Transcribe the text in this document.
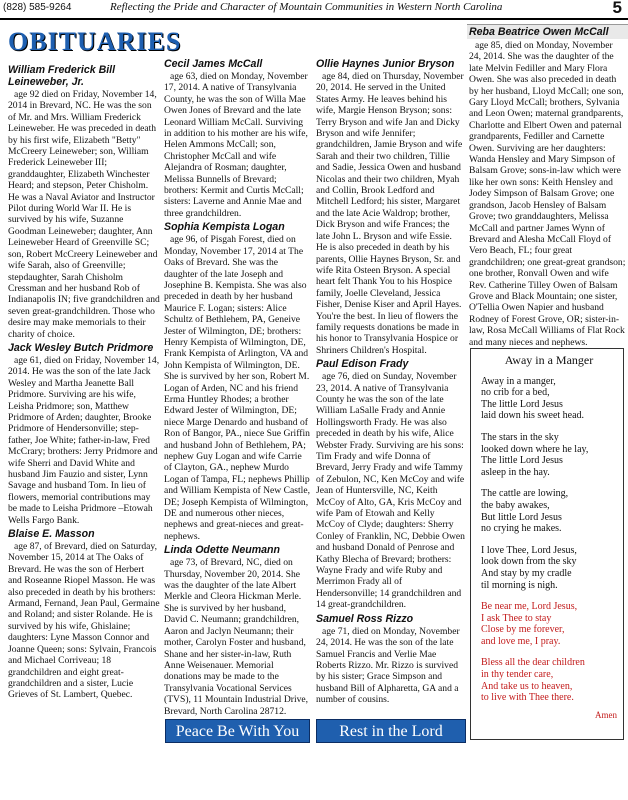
(828) 585-9264	Reflecting the Pride and Character of Mountain Communities in Western North Carolina	5
OBITUARIES
William Frederick Bill Leineweber, Jr.
age 92 died on Friday, November 14, 2014 in Brevard, NC. He was the son of Mr. and Mrs. William Frederick Leineweber. He was preceded in death by his first wife, Elizabeth "Betty" McCreery Leineweber; son, William Frederick Leineweber III; granddaughter, Elizabeth Winchester Heard; and stepson, Peter Chisholm. He was a Naval Aviator and Instructor Pilot during World War II. He is survived by his wife, Suzanne Goodman Leineweber; daughter, Ann Leineweber Heard of Greenville SC; son, Robert McCreery Leineweber and wife Sarah, also of Greenville; stepdaughter, Sarah Chisholm Cressman and her husband Rob of Indianapolis IN; five grandchildren and seven great-grandchildren. Those who desire may make memorials to their charity of choice.
Jack Wesley Butch Pridmore
age 61, died on Friday, November 14, 2014. He was the son of the late Jack Wesley and Martha Jeanette Ball Pridmore. Surviving are his wife, Leisha Pridmore; son, Matthew Pridmore of Arden; daughter, Brooke Pridmore of Hendersonville; step-father, Joe White; father-in-law, Fred McCrary; brothers: Jerry Pridmore and wife Sherri and David White and husband Jim Fauzio and sister, Lynn Savage and husband Tom. In lieu of flowers, memorial contributions may be made to Leisha Pridmore –Etowah Wells Fargo Bank.
Blaise E. Masson
age 87, of Brevard, died on Saturday, November 15, 2014 at The Oaks of Brevard. He was the son of Herbert and Roseanne Riopel Masson. He was also preceded in death by his brothers: Armand, Fernand, Jean Paul, Germaine and Roland; and sister Rolande. He is survived by his wife, Ghislaine; daughters: Lyne Masson Connor and Joanne Queen; sons: Sylvain, Francois and Michael Corriveau; 18 grandchildren and eight great-grandchildren and a sister, Lucie Grieves of St. Lambert, Quebec.
Cecil James McCall
age 63, died on Monday, November 17, 2014. A native of Transylvania County, he was the son of Willa Mae Owen Jones of Brevard and the late Leonard William McCall. Surviving in addition to his mother are his wife, Helen Ammons McCall; son, Christopher McCall and wife Alejandra of Rosman; daughter, Melissa Bunnells of Brevard; brothers: Kermit and Curtis McCall; sisters: Laverne and Annie Mae and three grandchildren.
Sophia Kempista Logan
age 96, of Pisgah Forest, died on Monday, November 17, 2014 at The Oaks of Brevard. She was the daughter of the late Joseph and Josephine B. Kempista. She was also preceded in death by her husband Maurice F. Logan; sisters: Alice Schultz of Bethlehem, PA, Geneive Jester of Wilmington, DE; brothers: Henry Kempista of Wilmington, DE, Frank Kempista of Arlington, VA and John Kempista of Wilmington, DE. She is survived by her son, Robert M. Logan of Arden, NC and his friend Erma Huntley Rhodes; a brother Edward Jester of Wilmington, DE; niece Marge Denardo and husband of Ron of Bangor, PA., niece Sue Griffin and husband John of Bethlehem, PA; nephew Guy Logan and wife Carrie of Clayton, GA., nephew Murdo Logan of Tampa, FL; nephews Phillip and William Kempista of New Castle, DE; Joseph Kempista of Wilmington, DE and numerous other nieces, nephews and great-nieces and great-nephews.
Linda Odette Neumann
age 73, of Brevard, NC, died on Thursday, November 20, 2014. She was the daughter of the late Albert Merkle and Cleora Hickman Merle. She is survived by her husband, David C. Neumann; grandchildren, Aaron and Jaclyn Neumann; their mother, Carolyn Foster and husband, Shane and her sister-in-law, Ruth Anne Weisenauer. Memorial donations may be made to the Transylvania Vocational Services (TVS), 11 Mountain Industrial Drive, Brevard, North Carolina 28712.
Ollie Haynes Junior Bryson
age 84, died on Thursday, November 20, 2014. He served in the United States Army. He leaves behind his wife, Margie Henson Bryson; sons: Terry Bryson and wife Jan and Dicky Bryson and wife Jennifer; grandchildren, Jamie Bryson and wife Sarah and their two children, Tillie and Sadie, Jessica Owen and husband Nicolas and their two children, Myah and Collin, Brook Ledford and Mitchell Ledford; his sister, Margaret and the late Acie Waldrop; brother, Dick Bryson and wife Frances; the late John L. Bryson and wife Essie. He is also preceded in death by his parents, Ollie Haynes Bryson, Sr. and wife Rita Osteen Bryson. A special heart felt Thank You to his Hospice family, Joelle Cleveland, Jessica Fisher, Denise Kiser and April Hayes. You're the best. In lieu of flowers the family requests donations be made in his honor to Transylvania Hospice or Shriners Children's Hospital.
Paul Edison Frady
age 76, died on Sunday, November 23, 2014. A native of Transylvania County he was the son of the late William LaSalle Frady and Annie Hollingsworth Frady. He was also preceded in death by his wife, Alice Webster Frady. Surviving are his sons: Tim Frady and wife Donna of Brevard, Jerry Frady and wife Tammy of Zebulon, NC, Ken McCoy and wife Jean of Huntersville, NC, Keith McCoy of Alto, GA, Kris McCoy and wife Pam of Etowah and Kelly McCoy of Clyde; daughters: Sherry Conley of Franklin, NC, Debbie Owen and husband Donald of Penrose and Kathy Blecha of Brevard; brothers: Wayne Frady and wife Ruby and Merrimon Frady all of Hendersonville; 14 grandchildren and 14 great-grandchildren.
Samuel Ross Rizzo
age 71, died on Monday, November 24, 2014. He was the son of the late Samuel Francis and Verlie Mae Roberts Rizzo. Mr. Rizzo is survived by his sister; Grace Simpson and husband Bill of Alpharetta, GA and a number of cousins.
Reba Beatrice Owen McCall
age 85, died on Monday, November 24, 2014. She was the daughter of the late Melvin Fediller and Mary Flora Owen. She was also preceded in death by her husband, Lloyd McCall; one son, Gary Lloyd McCall; brothers, Sylvania and Leon Owen; maternal grandparents, Charlotte and Elbert Owen and paternal grandparents, Fediller and Carnette Owen. Surviving are her daughters: Wanda Hensley and Mary Simpson of Balsam Grove; sons-in-law which were like her own sons: Keith Hensley and Jodey Simpson of Balsam Grove; one grandson, Jacob Hensley of Balsam Grove; two granddaughters, Melissa McCall and partner James Wynn of Brevard and Alesha McCall Floyd of Vero Beach, FL; four great grandchildren; one great-great grandson; one brother, Ronvall Owen and wife Rev. Catherine Tilley Owen of Balsam Grove and Black Mountain; one sister, O'Tellia Owen Napier and husband Rodney of Forest Grove, OR; sister-in-law, Rosa McCall Williams of Flat Rock and many nieces and nephews.
Peace Be With You	Rest in the Lord
Away in a Manger
Away in a manger,
no crib for a bed,
The little Lord Jesus
laid down his sweet head.
The stars in the sky
looked down where he lay,
The little Lord Jesus
asleep in the hay.
The cattle are lowing,
the baby awakes,
But little Lord Jesus
no crying he makes.
I love Thee, Lord Jesus,
look down from the sky
And stay by my cradle
til morning is nigh.
Be near me, Lord Jesus,
I ask Thee to stay
Close by me forever,
and love me, I pray.
Bless all the dear children
in thy tender care,
And take us to heaven,
to live with Thee there.
Amen
